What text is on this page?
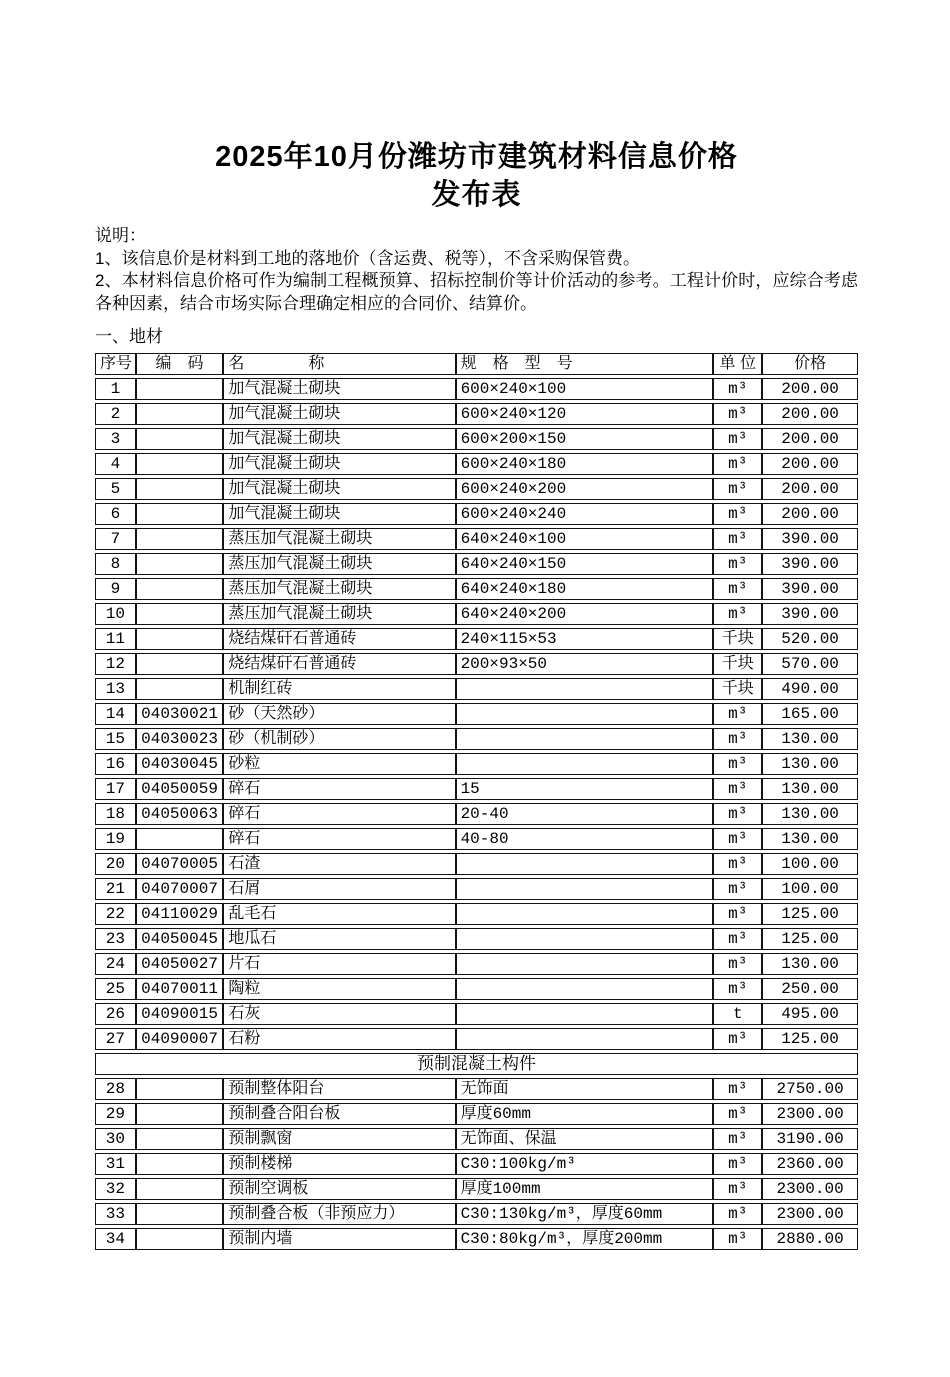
2025年10月份潍坊市建筑材料信息价格
发布表
说明：
1、该信息价是材料到工地的落地价（含运费、税等），不含采购保管费。
2、本材料信息价格可作为编制工程概预算、招标控制价等计价活动的参考。工程计价时，应综合考虑各种因素，结合市场实际合理确定相应的合同价、结算价。
一、地材
序号	编　码	名　　　　称	规　格　型　号	单 位	价格
1		加气混凝土砌块	600×240×100	m³	200.00
2		加气混凝土砌块	600×240×120	m³	200.00
3		加气混凝土砌块	600×200×150	m³	200.00
4		加气混凝土砌块	600×240×180	m³	200.00
5		加气混凝土砌块	600×240×200	m³	200.00
6		加气混凝土砌块	600×240×240	m³	200.00
7		蒸压加气混凝土砌块	640×240×100	m³	390.00
8		蒸压加气混凝土砌块	640×240×150	m³	390.00
9		蒸压加气混凝土砌块	640×240×180	m³	390.00
10		蒸压加气混凝土砌块	640×240×200	m³	390.00
11		烧结煤矸石普通砖	240×115×53	千块	520.00
12		烧结煤矸石普通砖	200×93×50	千块	570.00
13		机制红砖		千块	490.00
14	04030021	砂（天然砂）		m³	165.00
15	04030023	砂（机制砂）		m³	130.00
16	04030045	砂粒		m³	130.00
17	04050059	碎石	15	m³	130.00
18	04050063	碎石	20-40	m³	130.00
19		碎石	40-80	m³	130.00
20	04070005	石渣		m³	100.00
21	04070007	石屑		m³	100.00
22	04110029	乱毛石		m³	125.00
23	04050045	地瓜石		m³	125.00
24	04050027	片石		m³	130.00
25	04070011	陶粒		m³	250.00
26	04090015	石灰		t	495.00
27	04090007	石粉		m³	125.00
预制混凝土构件					
28		预制整体阳台	无饰面	m³	2750.00
29		预制叠合阳台板	厚度60mm	m³	2300.00
30		预制飘窗	无饰面、保温	m³	3190.00
31		预制楼梯	C30:100kg/m³	m³	2360.00
32		预制空调板	厚度100mm	m³	2300.00
33		预制叠合板（非预应力）	C30:130kg/m³，厚度60mm	m³	2300.00
34		预制内墙	C30:80kg/m³，厚度200mm	m³	2880.00
